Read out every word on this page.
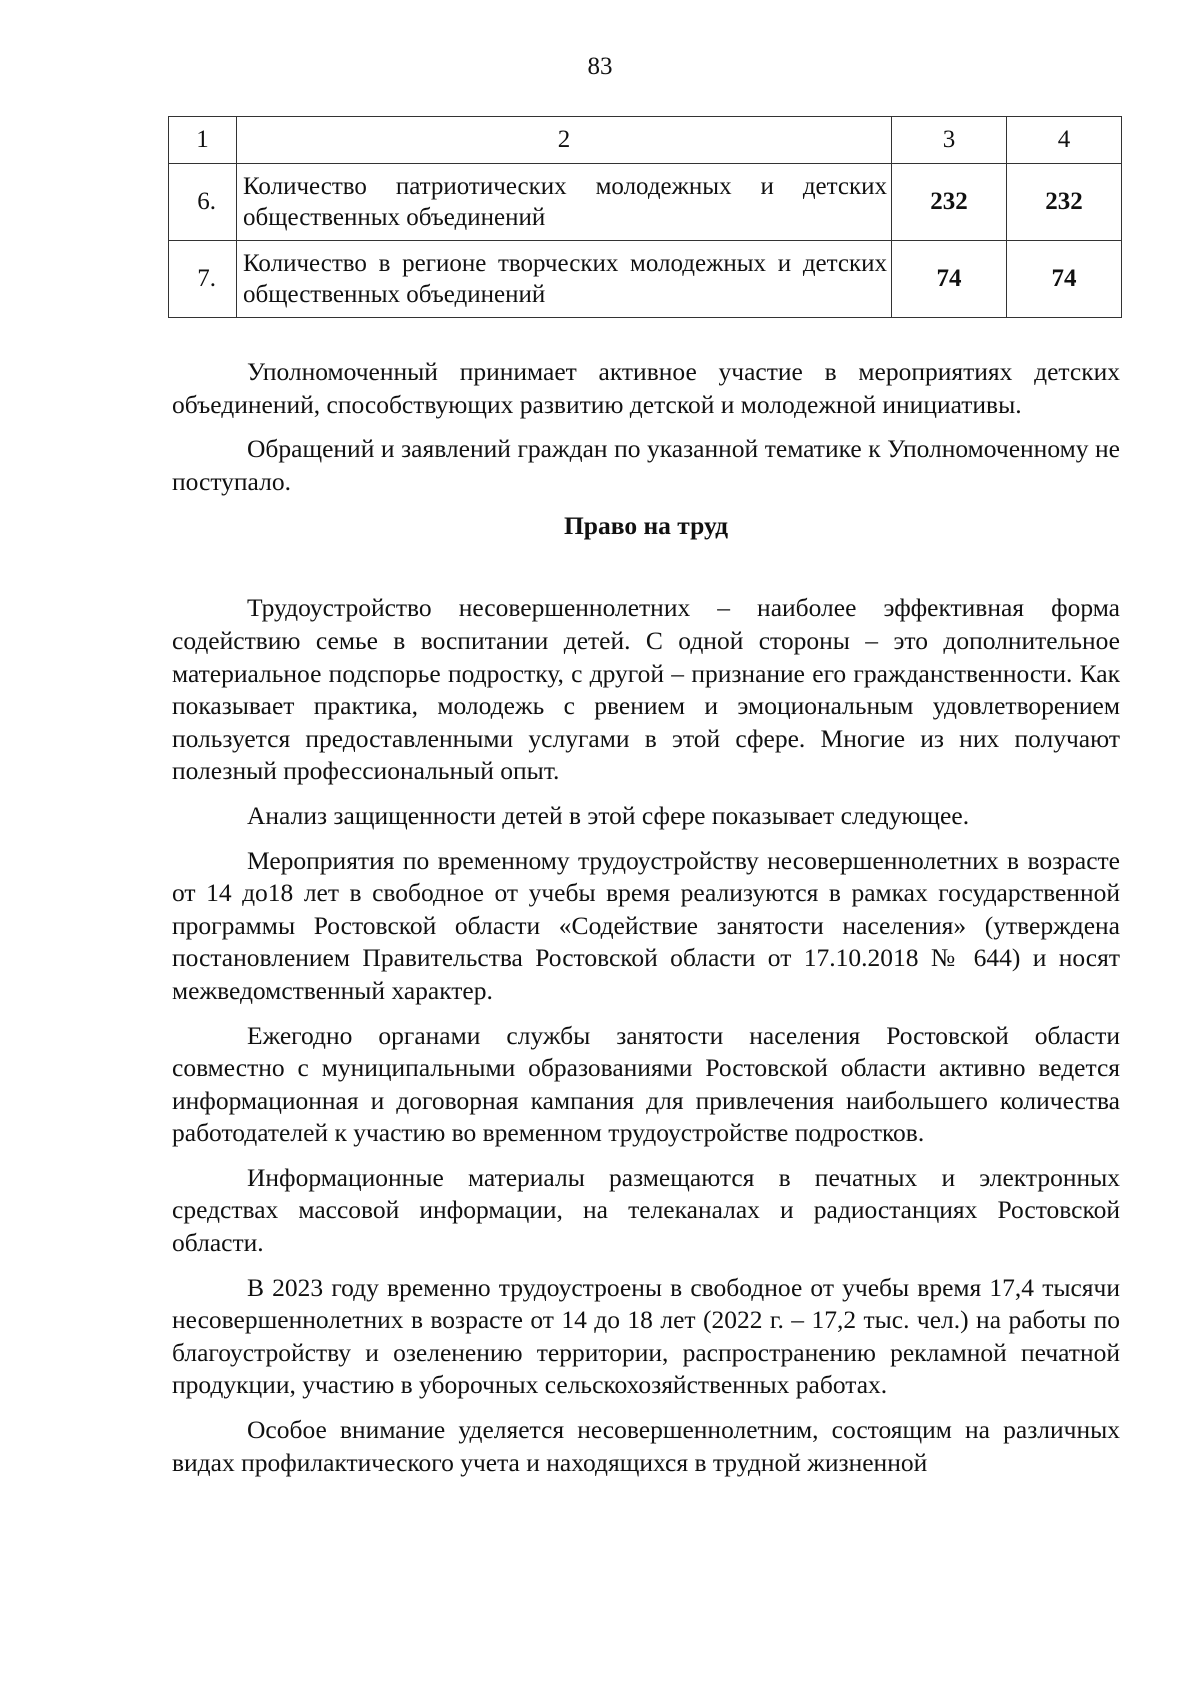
83
1	2	3	4
6.	Количество патриотических молодежных и детских общественных объединений	232	232
7.	Количество в регионе творческих молодежных и детских общественных объединений	74	74

Уполномоченный принимает активное участие в мероприятиях детских объединений, способствующих развитию детской и молодежной инициативы.

Обращений и заявлений граждан по указанной тематике к Уполномоченному не поступало.

Право на труд

Трудоустройство несовершеннолетних – наиболее эффективная форма содействию семье в воспитании детей. С одной стороны – это дополнительное материальное подспорье подростку, с другой – признание его гражданственности. Как показывает практика, молодежь с рвением и эмоциональным удовлетворением пользуется предоставленными услугами в этой сфере. Многие из них получают полезный профессиональный опыт.

Анализ защищенности детей в этой сфере показывает следующее.

Мероприятия по временному трудоустройству несовершеннолетних в возрасте от 14 до18 лет в свободное от учебы время реализуются в рамках государственной программы Ростовской области «Содействие занятости населения» (утверждена постановлением Правительства Ростовской области от 17.10.2018 № 644) и носят межведомственный характер.

Ежегодно органами службы занятости населения Ростовской области совместно с муниципальными образованиями Ростовской области активно ведется информационная и договорная кампания для привлечения наибольшего количества работодателей к участию во временном трудоустройстве подростков.

Информационные материалы размещаются в печатных и электронных средствах массовой информации, на телеканалах и радиостанциях Ростовской области.

В 2023 году временно трудоустроены в свободное от учебы время 17,4 тысячи несовершеннолетних в возрасте от 14 до 18 лет (2022 г. – 17,2 тыс. чел.) на работы по благоустройству и озеленению территории, распространению рекламной печатной продукции, участию в уборочных сельскохозяйственных работах.

Особое внимание уделяется несовершеннолетним, состоящим на различных видах профилактического учета и находящихся в трудной жизненной
